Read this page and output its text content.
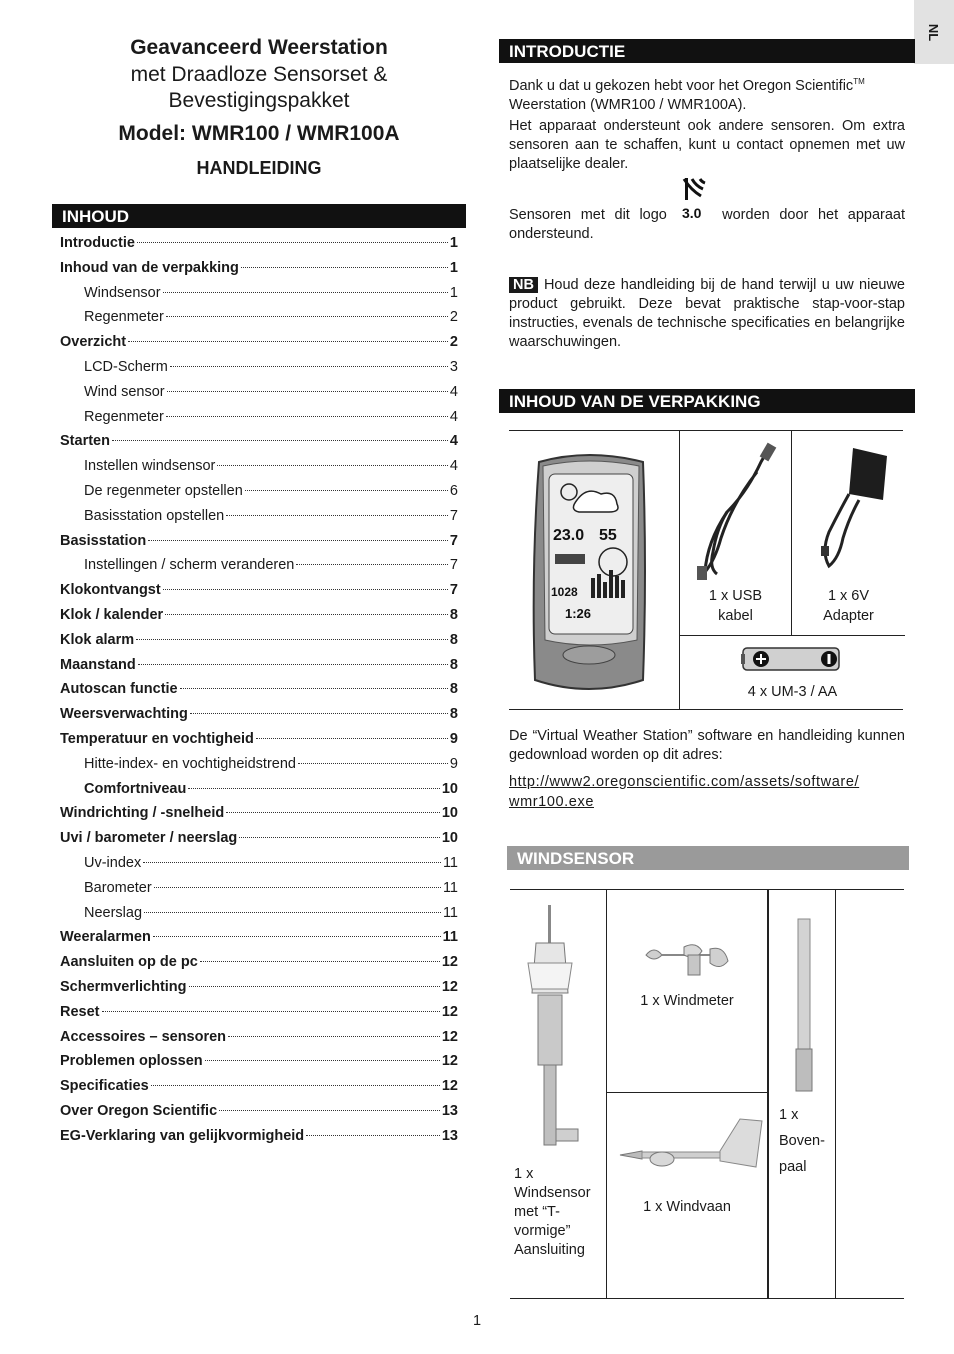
NL
Geavanceerd Weerstation
met Draadloze Sensorset &
Bevestigingspakket
Model: WMR100 / WMR100A
HANDLEIDING
INHOUD
Introductie	1
Inhoud van de verpakking	1
Windsensor	1
Regenmeter	2
Overzicht	2
LCD-Scherm	3
Wind sensor	4
Regenmeter	4
Starten	4
Instellen windsensor	4
De regenmeter opstellen	6
Basisstation opstellen	7
Basisstation	7
Instellingen / scherm veranderen	7
Klokontvangst	7
Klok / kalender	8
Klok alarm	8
Maanstand	8
Autoscan functie	8
Weersverwachting	8
Temperatuur en vochtigheid	9
Hitte-index- en vochtigheidstrend	9
Comfortniveau	10
Windrichting / -snelheid	10
Uvi / barometer / neerslag	10
Uv-index	11
Barometer	11
Neerslag	11
Weeralarmen	11
Aansluiten op de pc	12
Schermverlichting	12
Reset	12
Accessoires – sensoren	12
Problemen oplossen	12
Specificaties	12
Over Oregon Scientific	13
EG-Verklaring van gelijkvormigheid	13
INTRODUCTIE
Dank u dat u gekozen hebt voor het Oregon Scientific™
Weerstation (WMR100 / WMR100A).
Het apparaat ondersteunt ook andere sensoren. Om extra sensoren aan te schaffen, kunt u contact opnemen met uw plaatselijke dealer.
Sensoren met dit logo	worden door het apparaat ondersteund.
3.0
NB Houd deze handleiding bij de hand terwijl u uw nieuwe product gebruikt. Deze bevat praktische stap-voor-stap instructies, evenals de technische specificaties en belangrijke waarschuwingen.
INHOUD VAN DE VERPAKKING
23.0 55
1028
1:26
1 x USB
kabel
1 x 6V
Adapter
4 x UM-3 / AA
De “Virtual Weather Station” software en handleiding kunnen gedownload worden op dit adres:
http://www2.oregonscientific.com/assets/software/
wmr100.exe
WINDSENSOR
1 x
Windsensor
met “T-
vormige”
Aansluiting
1 x Windmeter
1 x Windvaan
1 x
Boven-
paal
1
